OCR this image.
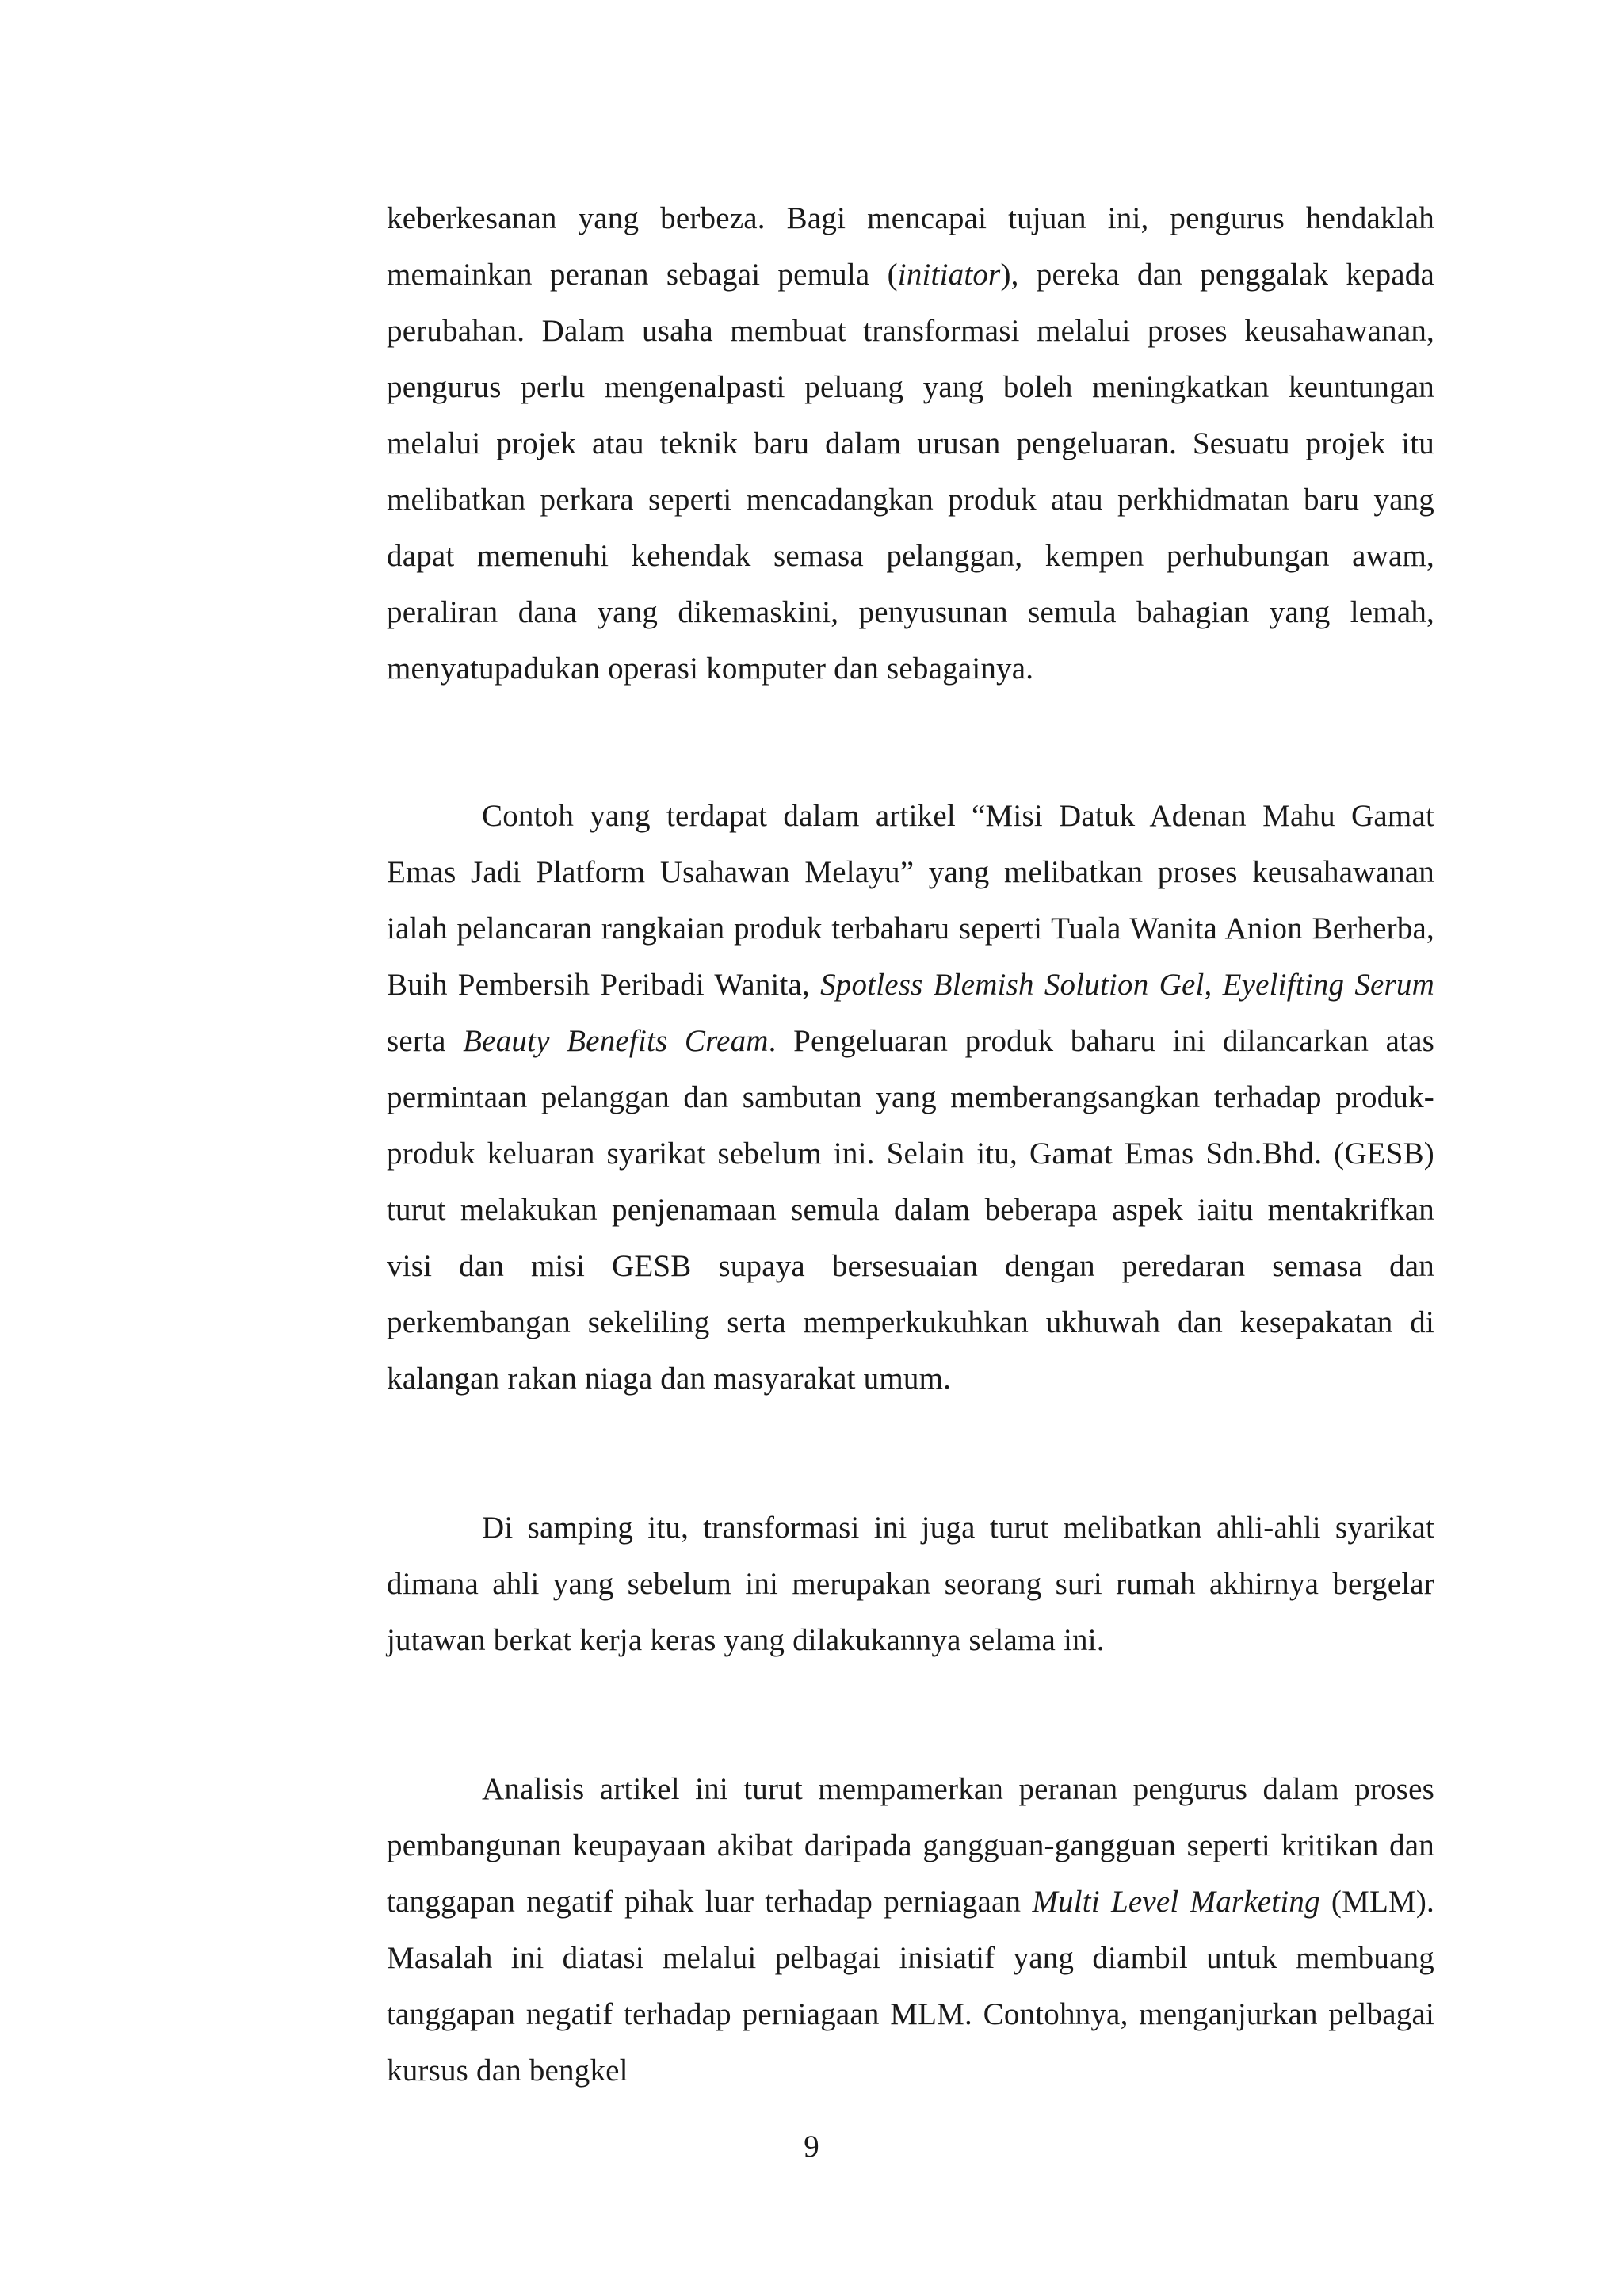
keberkesanan yang berbeza. Bagi mencapai tujuan ini, pengurus hendaklah memainkan peranan sebagai pemula (initiator), pereka dan penggalak kepada perubahan. Dalam usaha membuat transformasi melalui proses keusahawanan, pengurus perlu mengenalpasti peluang yang boleh meningkatkan keuntungan melalui projek atau teknik baru dalam urusan pengeluaran. Sesuatu projek itu melibatkan perkara seperti mencadangkan produk atau perkhidmatan baru yang dapat memenuhi kehendak semasa pelanggan, kempen perhubungan awam, peraliran dana yang dikemaskini, penyusunan semula bahagian yang lemah, menyatupadukan operasi komputer dan sebagainya.

Contoh yang terdapat dalam artikel “Misi Datuk Adenan Mahu Gamat Emas Jadi Platform Usahawan Melayu” yang melibatkan proses keusahawanan ialah pelancaran rangkaian produk terbaharu seperti Tuala Wanita Anion Berherba, Buih Pembersih Peribadi Wanita, Spotless Blemish Solution Gel, Eyelifting Serum serta Beauty Benefits Cream. Pengeluaran produk baharu ini dilancarkan atas permintaan pelanggan dan sambutan yang memberangsangkan terhadap produk-produk keluaran syarikat sebelum ini. Selain itu, Gamat Emas Sdn.Bhd. (GESB) turut melakukan penjenamaan semula dalam beberapa aspek iaitu mentakrifkan visi dan misi GESB supaya bersesuaian dengan peredaran semasa dan perkembangan sekeliling serta memperkukuhkan ukhuwah dan kesepakatan di kalangan rakan niaga dan masyarakat umum.

Di samping itu, transformasi ini juga turut melibatkan ahli-ahli syarikat dimana ahli yang sebelum ini merupakan seorang suri rumah akhirnya bergelar jutawan berkat kerja keras yang dilakukannya selama ini.

Analisis artikel ini turut mempamerkan peranan pengurus dalam proses pembangunan keupayaan akibat daripada gangguan-gangguan seperti kritikan dan tanggapan negatif pihak luar terhadap perniagaan Multi Level Marketing (MLM). Masalah ini diatasi melalui pelbagai inisiatif yang diambil untuk membuang tanggapan negatif terhadap perniagaan MLM. Contohnya, menganjurkan pelbagai kursus dan bengkel

9
